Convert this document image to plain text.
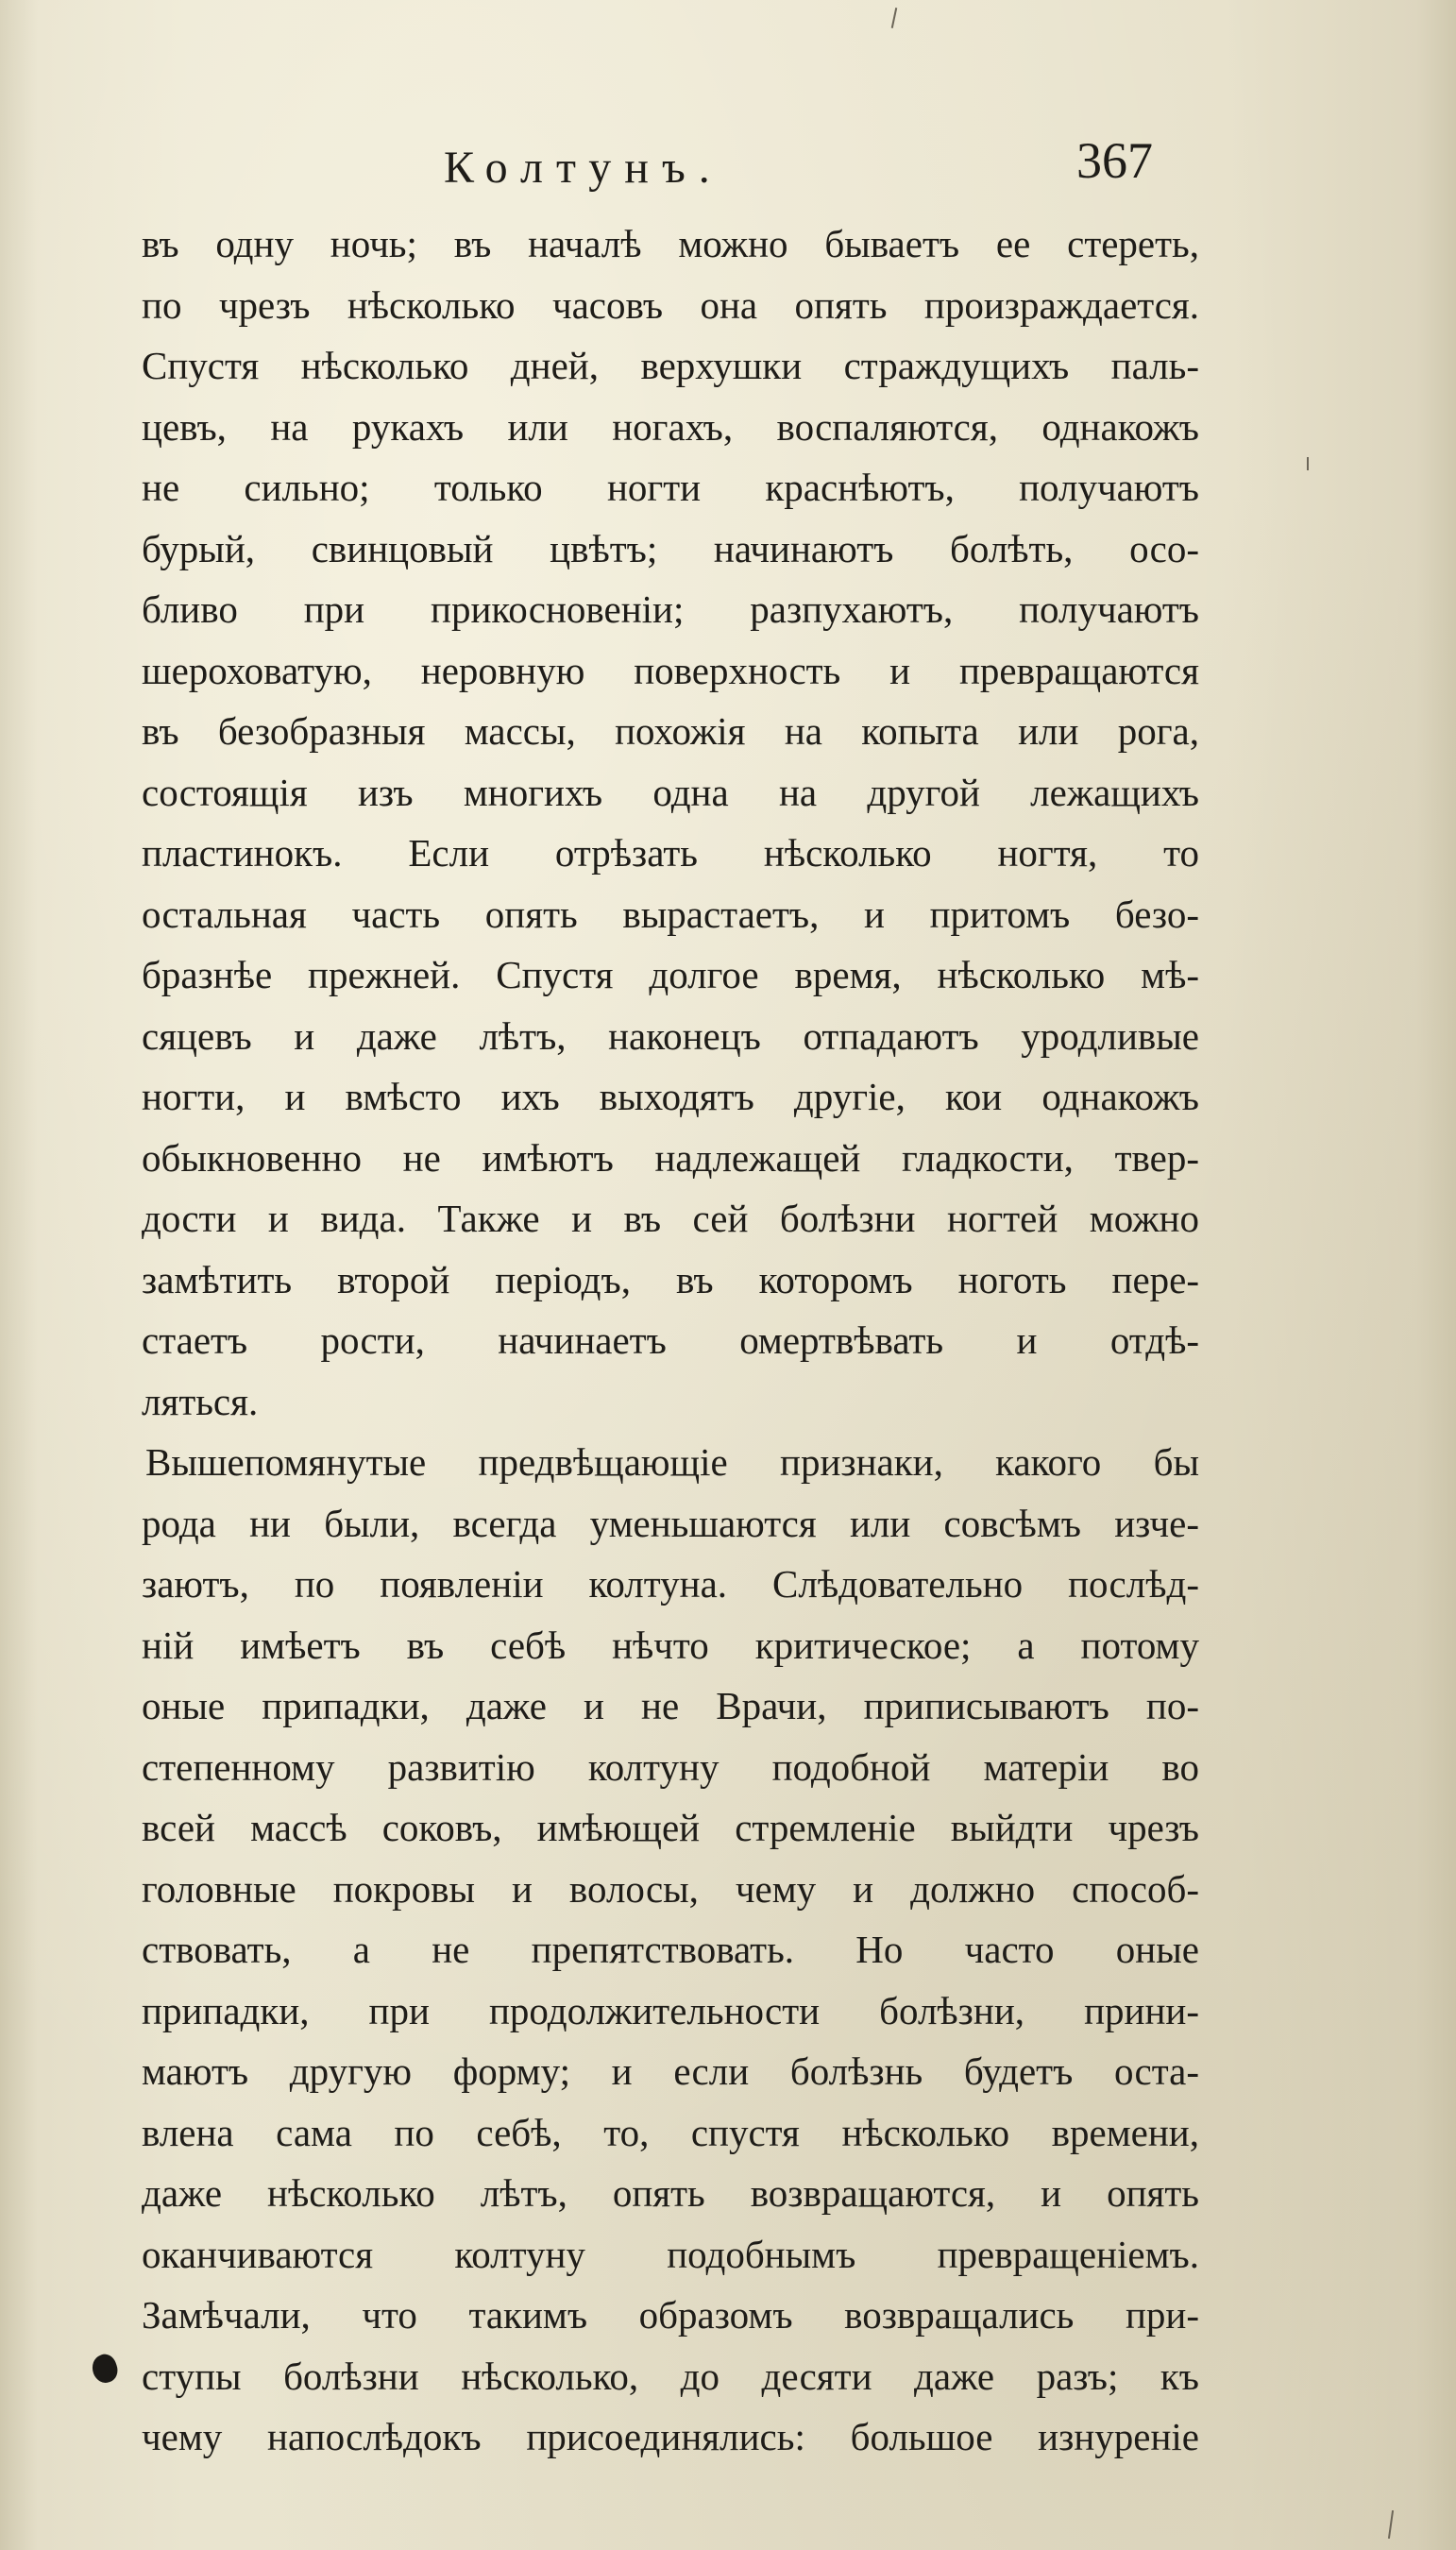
Колтунъ.	367
въ одну ночь; въ началѣ можно бываетъ ее стереть,
по чрезъ нѣсколько часовъ она опять произраждается.
Спустя нѣсколько дней, верхушки страждущихъ паль-
цевъ, на рукахъ или ногахъ, воспаляются, однакожъ
не сильно; только ногти краснѣютъ, получаютъ
бурый, свинцовый цвѣтъ; начинаютъ болѣть, осо-
бливо при прикосновеніи; разпухаютъ, получаютъ
шероховатую, неровную поверхность и превращаются
въ безобразныя массы, похожія на копыта или рога,
состоящія изъ многихъ одна на другой лежащихъ
пластинокъ. Если отрѣзать нѣсколько ногтя, то
остальная часть опять выраcтаетъ, и притомъ безо-
бразнѣе прежней. Спустя долгое время, нѣсколько мѣ-
сяцевъ и даже лѣтъ, наконецъ отпадаютъ уродливые
ногти, и вмѣсто ихъ выходятъ другіе, кои однакожъ
обыкновенно не имѣютъ надлежащей гладкости, твер-
дости и вида. Также и въ сей болѣзни ногтей можно
замѣтить второй періодъ, въ которомъ ноготь пере-
стаетъ рости, начинаетъ омертвѣвать и отдѣ-
ляться.
Вышепомянутые предвѣщающіе признаки, какого бы
рода ни были, всегда уменьшаются или совсѣмъ изче-
заютъ, по появленіи колтуна. Слѣдовательно послѣд-
ній имѣетъ въ себѣ нѣчто критическое; а потому
оные припадки, даже и не Врачи, приписываютъ по-
степенному развитію колтуну подобной матеріи во
всей массѣ соковъ, имѣющей стремленіе выйдти чрезъ
головные покровы и волосы, чему и должно способ-
ствовать, а не препятствовать. Но часто оные
припадки, при продолжительности болѣзни, прини-
маютъ другую форму; и если болѣзнь будетъ оста-
влена сама по себѣ, то, спустя нѣсколько времени,
даже нѣсколько лѣтъ, опять возвращаются, и опять
оканчиваются колтуну подобнымъ превращеніемъ.
Замѣчали, что такимъ образомъ возвращались при-
ступы болѣзни нѣсколько, до десяти даже разъ; къ
чему напослѣдокъ присоединялись: большое изнуреніе
